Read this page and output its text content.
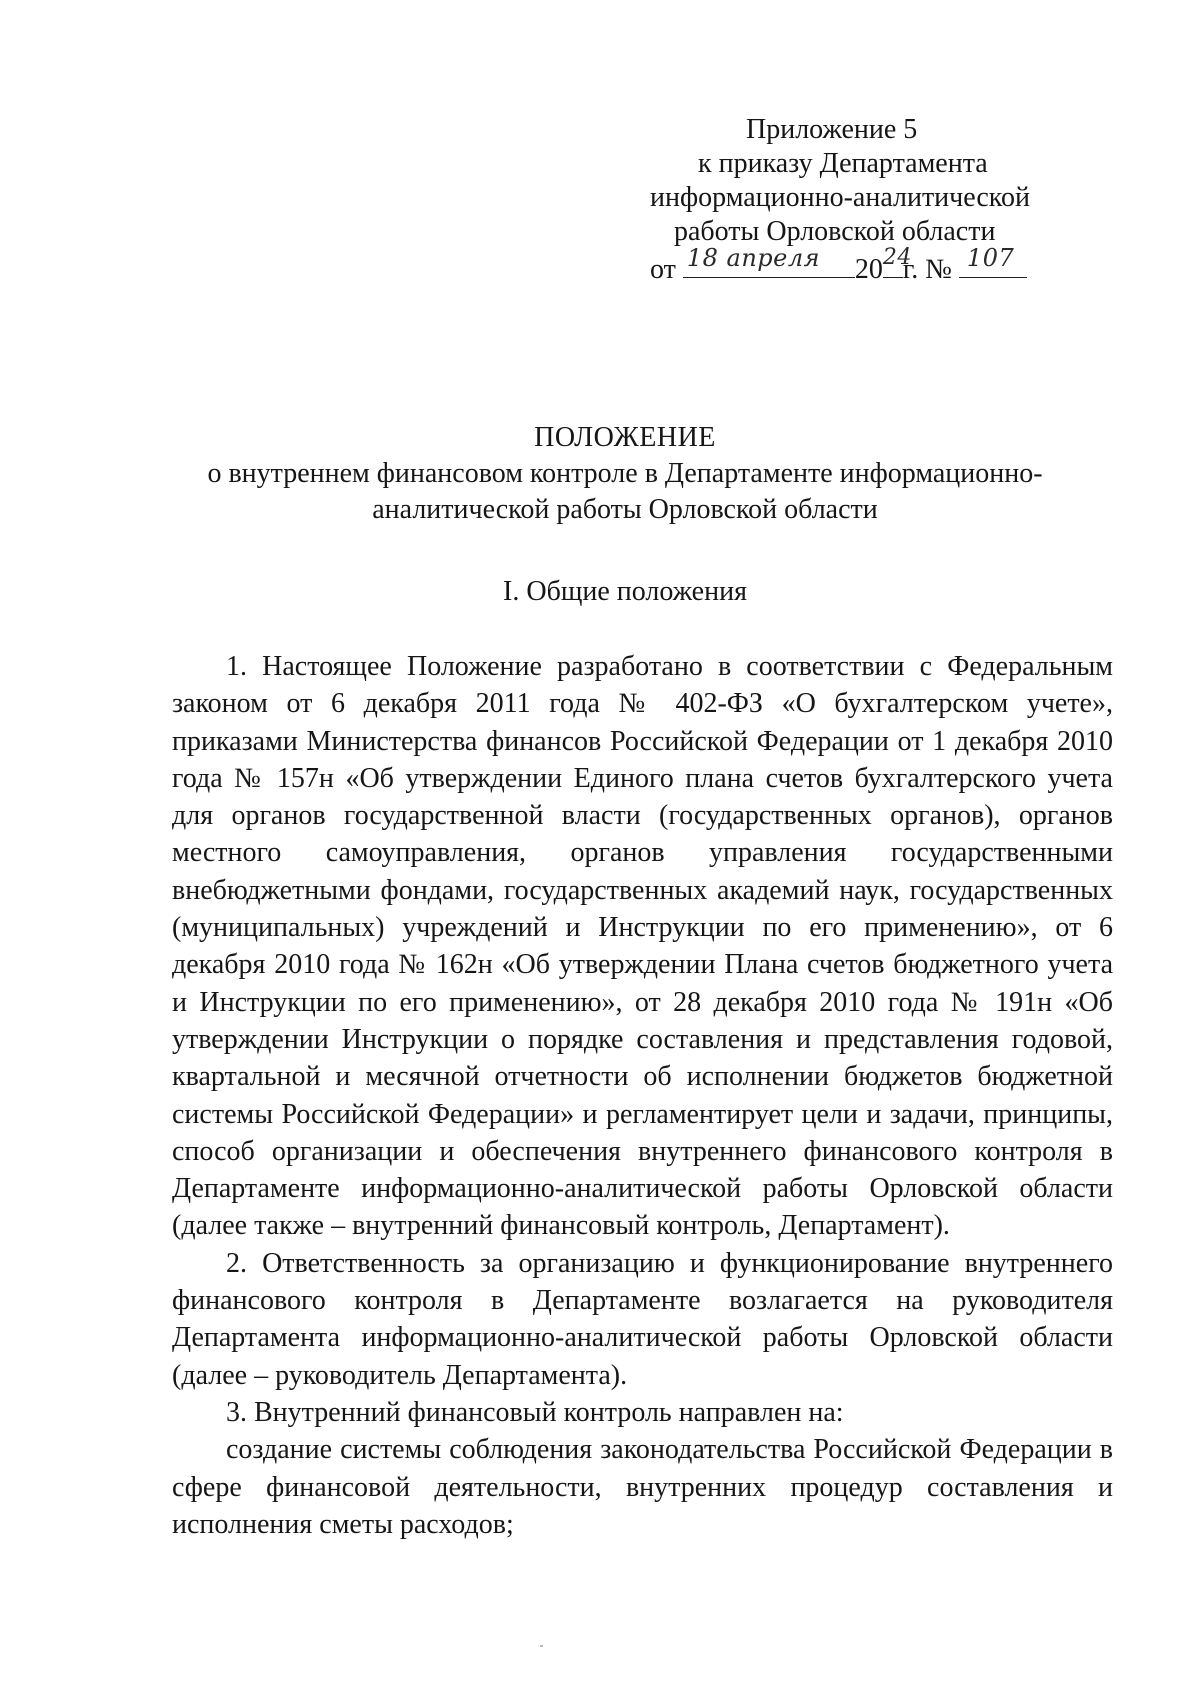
Приложение 5
к приказу Департамента
информационно-аналитической
работы Орловской области
от 18 апреля 20 24
г. № 107
ПОЛОЖЕНИЕ
о внутреннем финансовом контроле в Департаменте информационно-аналитической работы Орловской области
I. Общие положения

1. Настоящее Положение разработано в соответствии с Федеральным законом от 6 декабря 2011 года № 402-ФЗ «О бухгалтерском учете», приказами Министерства финансов Российской Федерации от 1 декабря 2010 года № 157н «Об утверждении Единого плана счетов бухгалтерского учета для органов государственной власти (государственных органов), органов местного самоуправления, органов управления государственными внебюджетными фондами, государственных академий наук, государственных (муниципальных) учреждений и Инструкции по его применению», от 6 декабря 2010 года № 162н «Об утверждении Плана счетов бюджетного учета и Инструкции по его применению», от 28 декабря 2010 года № 191н «Об утверждении Инструкции о порядке составления и представления годовой, квартальной и месячной отчетности об исполнении бюджетов бюджетной системы Российской Федерации» и регламентирует цели и задачи, принципы, способ организации и обеспечения внутреннего финансового контроля в Департаменте информационно-аналитической работы Орловской области (далее также – внутренний финансовый контроль, Департамент).

2. Ответственность за организацию и функционирование внутреннего финансового контроля в Департаменте возлагается на руководителя Департамента информационно-аналитической работы Орловской области (далее – руководитель Департамента).

3. Внутренний финансовый контроль направлен на:

создание системы соблюдения законодательства Российской Федерации в сфере финансовой деятельности, внутренних процедур составления и исполнения сметы расходов;
